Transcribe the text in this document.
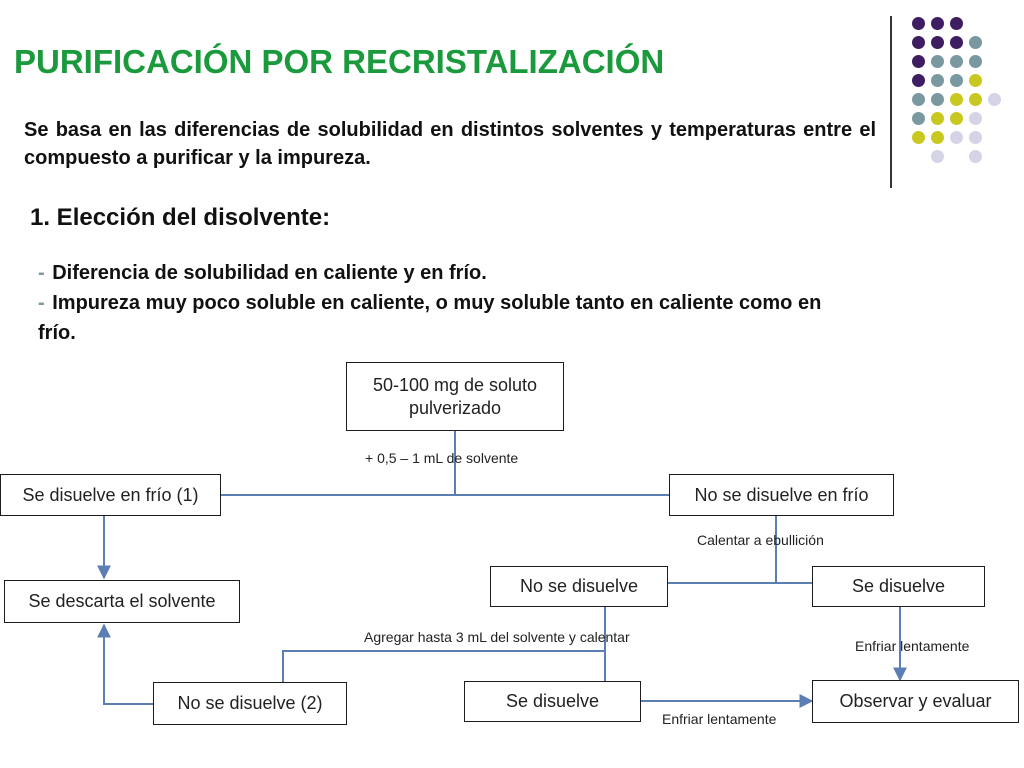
PURIFICACIÓN POR RECRISTALIZACIÓN

Se basa en las diferencias de solubilidad en distintos solventes y temperaturas entre el compuesto a purificar y la impureza.

1. Elección del disolvente:
- Diferencia de solubilidad en caliente y en frío.
- Impureza muy poco soluble en caliente, o muy soluble tanto en caliente como en frío.
50-100 mg de soluto
pulverizado
Se disuelve en frío (1)	No se disuelve en frío
Se descarta el solvente
No se disuelve	Se disuelve
No se disuelve (2)	Se disuelve	Observar y evaluar

+ 0,5 – 1 mL de solvente

Calentar a ebullición

Agregar hasta 3 mL del solvente y calentar

Enfriar lentamente

Enfriar lentamente
